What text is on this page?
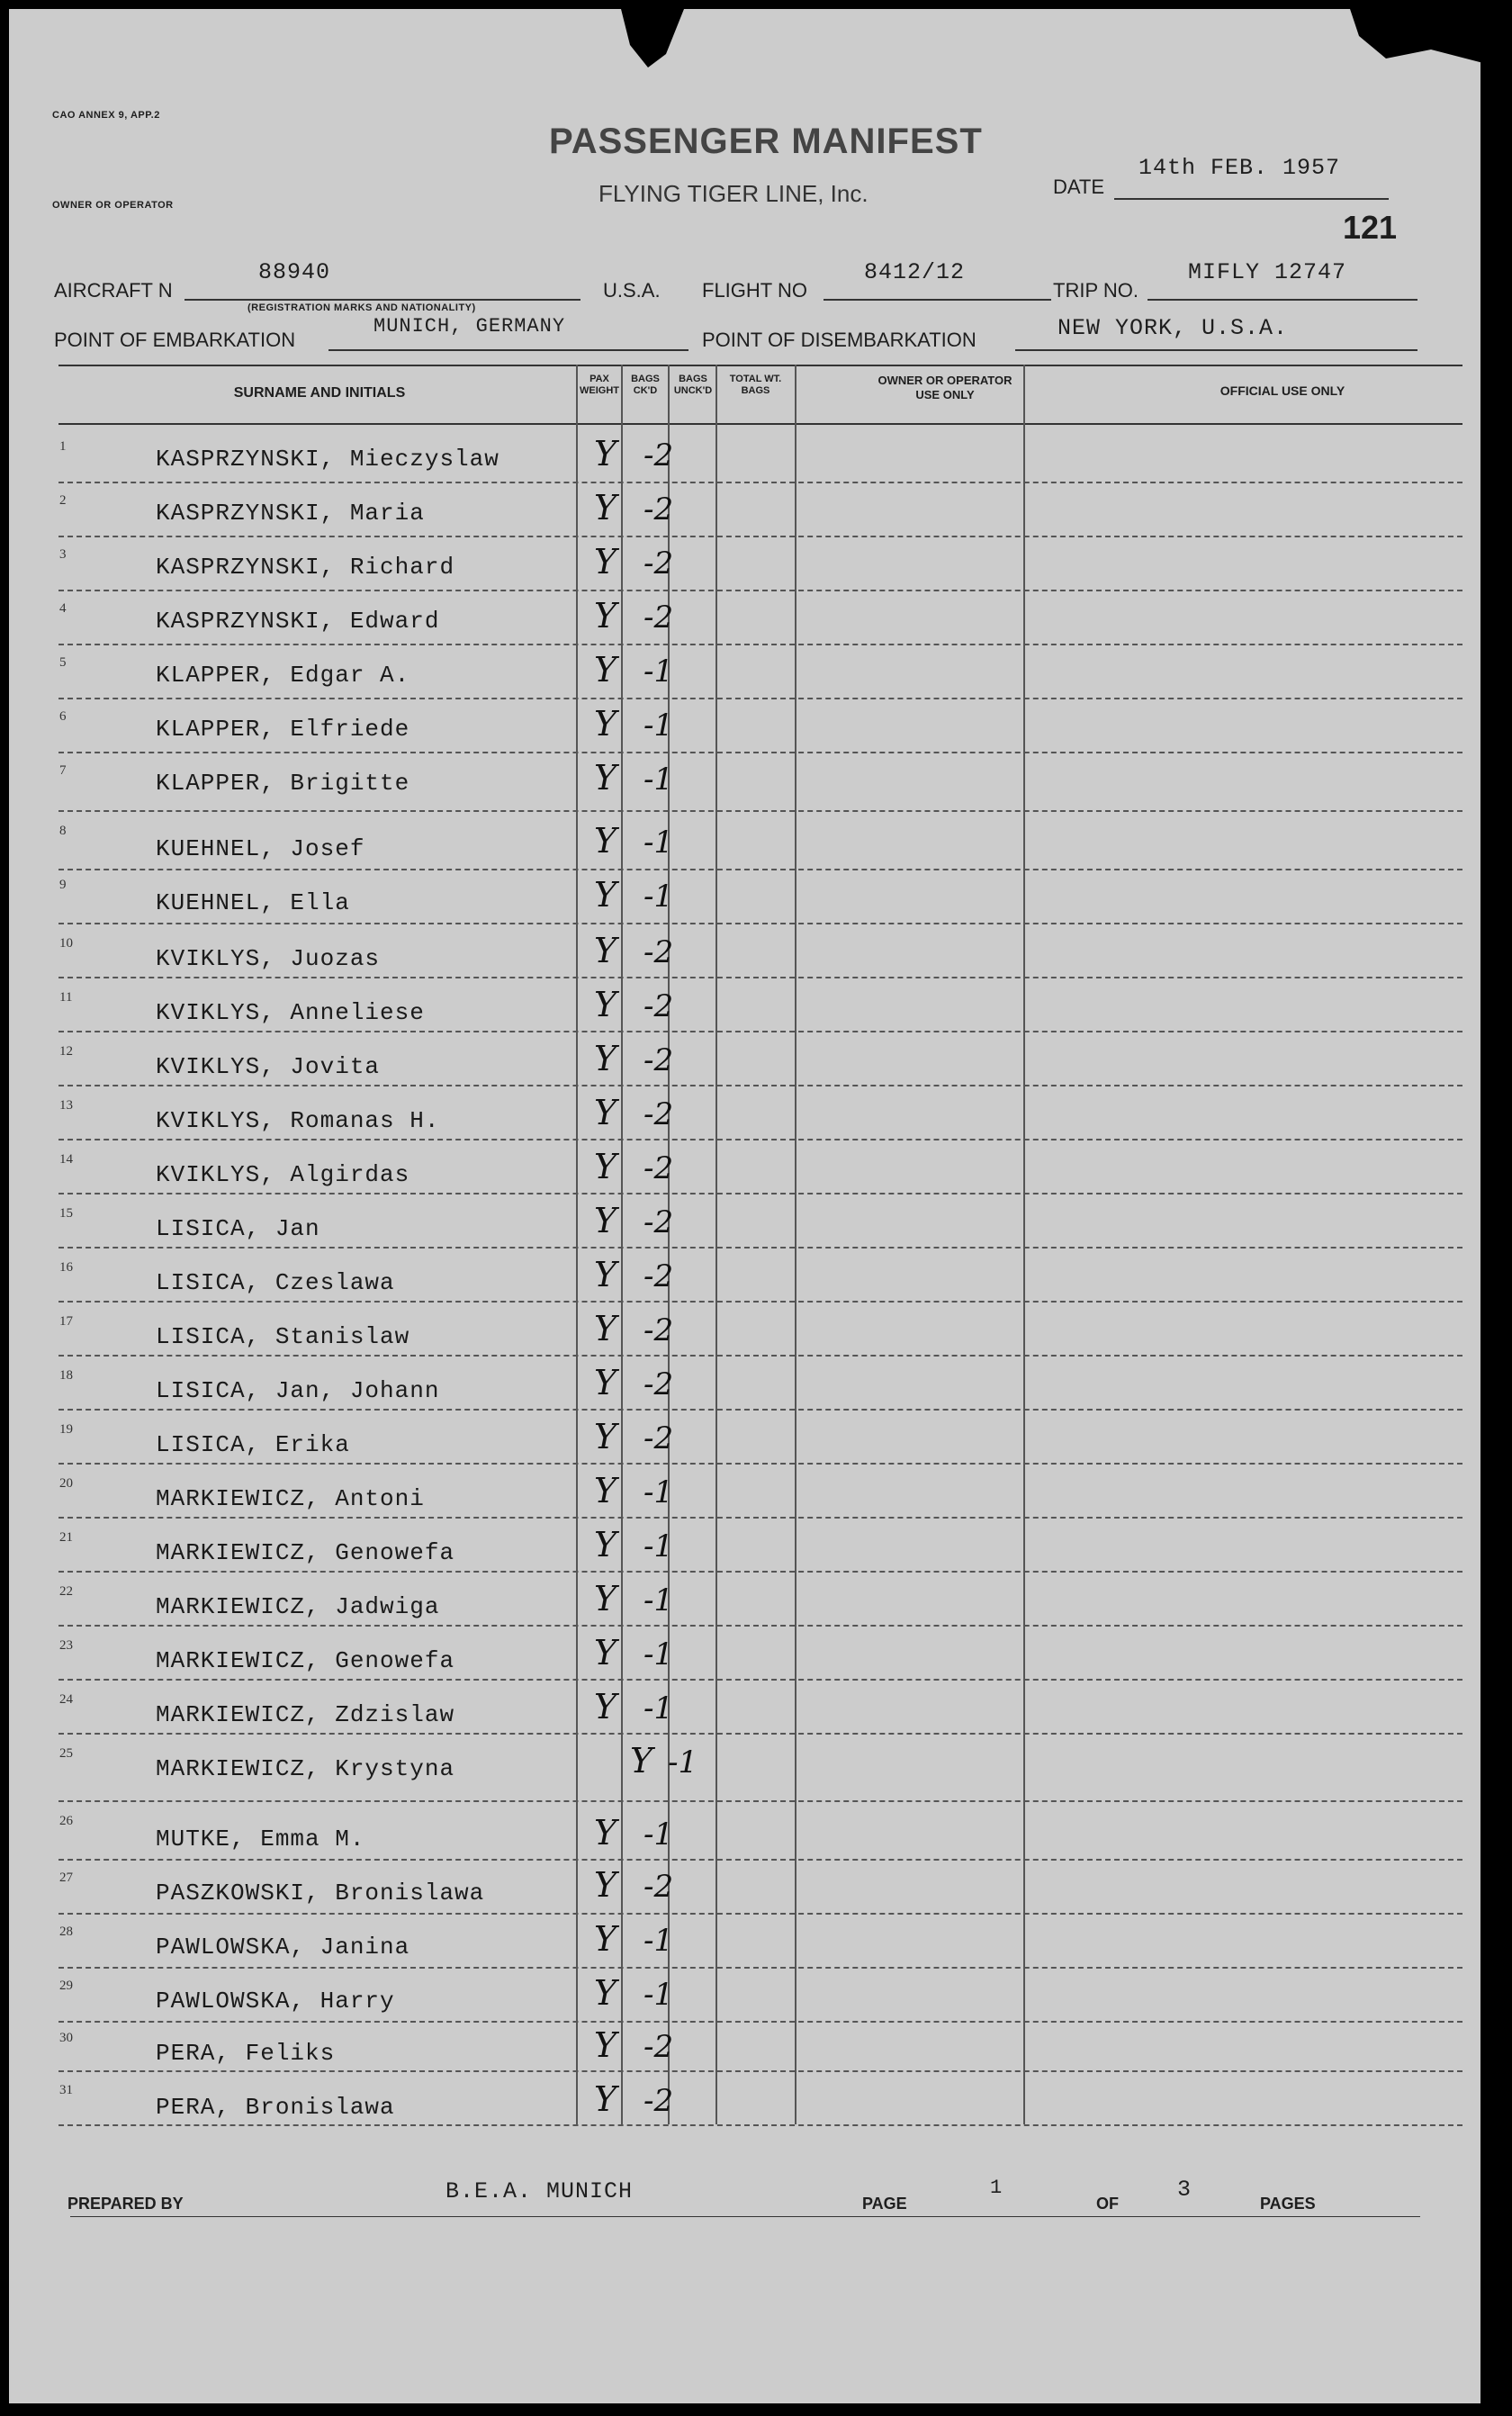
CAO ANNEX 9, APP.2
OWNER OR OPERATOR
PASSENGER MANIFEST
FLYING TIGER LINE, Inc.	DATE
14th FEB. 1957
121
AIRCRAFT N
88940
(REGISTRATION MARKS AND NATIONALITY)
U.S.A. FLIGHT NO
8412/12
TRIP NO.
MIFLY 12747
POINT OF EMBARKATION
MUNICH, GERMANY
POINT OF DISEMBARKATION	NEW YORK, U.S.A.
SURNAME AND INITIALS
PAX WEIGHT
BAGS CK'D
BAGS UNCK'D
TOTAL WT. BAGS
OWNER OR OPERATOR USE ONLY	OFFICIAL USE ONLY
1	KASPRZYNSKI, Mieczyslaw	Y -2
2	KASPRZYNSKI, Maria	Y -2
3	KASPRZYNSKI, Richard	Y -2
4	KASPRZYNSKI, Edward	Y -2
5	KLAPPER, Edgar A.	Y -1
6	KLAPPER, Elfriede	Y -1
7	KLAPPER, Brigitte	Y -1
8
KUEHNEL, Josef	Y -1
9
KUEHNEL, Ella	Y -1
10
KVIKLYS, Juozas	Y -2
11
KVIKLYS, Anneliese	Y -2
12
KVIKLYS, Jovita	Y -2
13
KVIKLYS, Romanas H.	Y -2
14
KVIKLYS, Algirdas	Y -2
15
LISICA, Jan	Y -2
16
LISICA, Czeslawa	Y -2
17
LISICA, Stanislaw	Y -2
18
LISICA, Jan, Johann	Y -2
19
LISICA, Erika	Y -2
20
MARKIEWICZ, Antoni	Y -1
21
MARKIEWICZ, Genowefa	Y -1
22
MARKIEWICZ, Jadwiga	Y -1
23
MARKIEWICZ, Genowefa	Y -1
24
MARKIEWICZ, Zdzislaw	Y -1
25
MARKIEWICZ, Krystyna	Y -1
26
MUTKE, Emma M.	Y -1
27
PASZKOWSKI, Bronislawa	Y -2
28
PAWLOWSKA, Janina	Y -1
29
PAWLOWSKA, Harry	Y -1
30
PERA, Feliks	Y -2
31
PERA, Bronislawa	Y -2
PREPARED BY	B.E.A. MUNICH	PAGE
1
OF
3
PAGES
